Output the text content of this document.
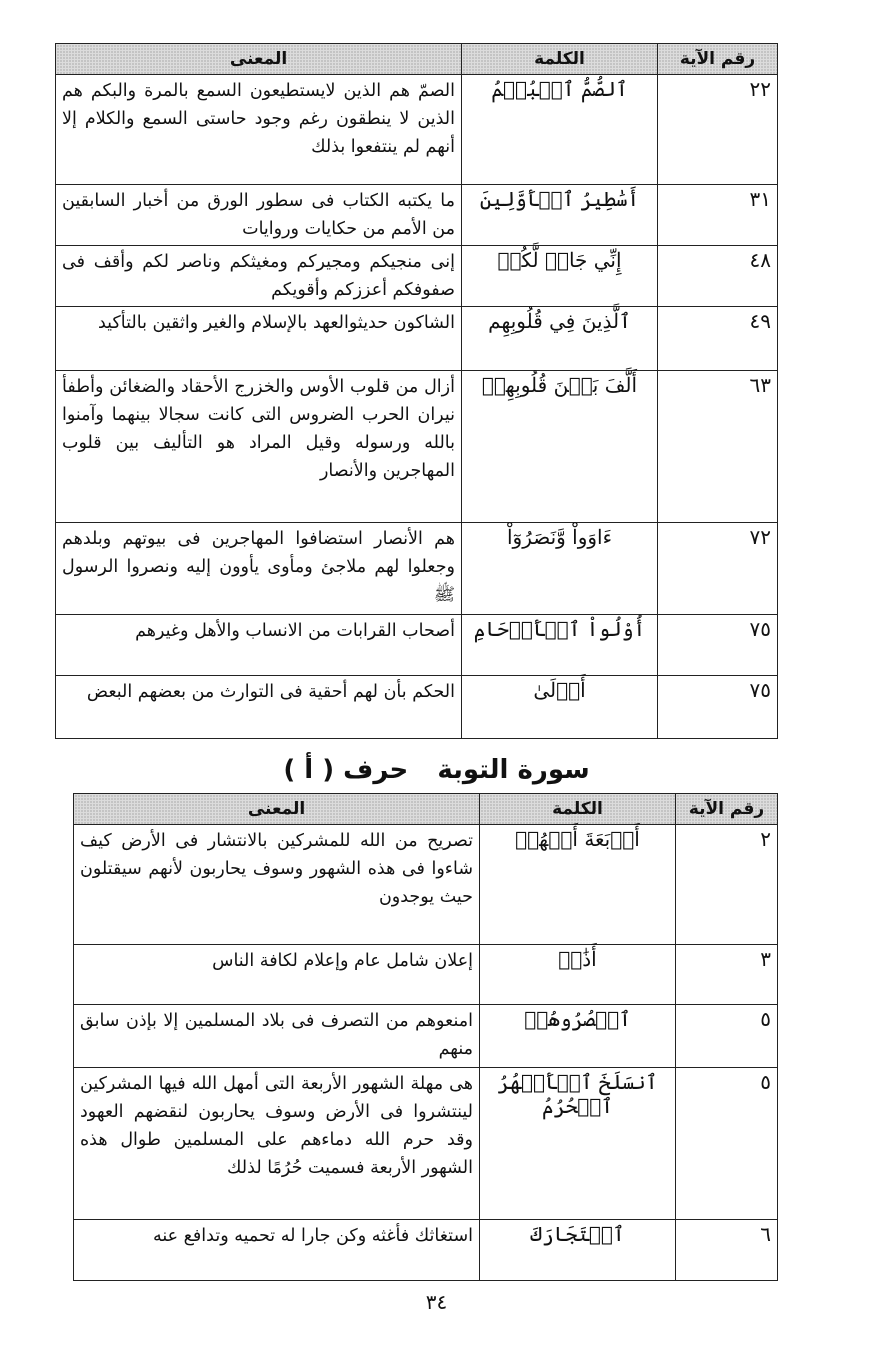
رقم الآية	الكلمة	المعنى
٢٢	ٱلصُّمُّ ٱلۡبُكۡمُ	الصمّ هم الذين لايستطيعون السمع بالمرة والبكم هم الذين لا ينطقون رغم وجود حاستى السمع والكلام إلا أنهم لم ينتفعوا بذلك
٣١	أَسَٰطِيرُ ٱلۡأَوَّلِينَ	ما يكتبه الكتاب فى سطور الورق من أخبار السابقين من الأمم من حكايات وروايات
٤٨	إِنِّي جَارٞ لَّكُمۡ	إنى منجيكم ومجيركم ومغيثكم وناصر لكم وأقف فى صفوفكم أعززكم وأقويكم
٤٩	ٱلَّذِينَ فِي قُلُوبِهِم	الشاكون حديثوالعهد بالإسلام والغير واثقين بالتأكيد
٦٣	أَلَّفَ بَيۡنَ قُلُوبِهِمۡ	أزال من قلوب الأوس والخزرج الأحقاد والضغائن وأطفأ نيران الحرب الضروس التى كانت سجالا بينهما وآمنوا بالله ورسوله وقيل المراد هو التأليف بين قلوب المهاجرين والأنصار
٧٢	ءَاوَواْ وَّنَصَرُوٓاْ	هم الأنصار استضافوا المهاجرين فى بيوتهم وبلدهم وجعلوا لهم ملاجئ ومأوى يأوون إليه ونصروا الرسول ﷺ
٧٥	أُوْلُواْ ٱلۡأَرۡحَامِ	أصحاب القرابات من الانساب والأهل وغيرهم
٧٥	أَوۡلَىٰ	الحكم بأن لهم أحقية فى التوارث من بعضهم البعض
سورة التوبة حرف ( أ )
رقم الآية	الكلمة	المعنى
٢	أَرۡبَعَةَ أَشۡهُرٖ	تصريح من الله للمشركين بالانتشار فى الأرض كيف شاءوا فى هذه الشهور وسوف يحاربون لأنهم سيقتلون حيث يوجدون
٣	أَذَٰنٞ	إعلان شامل عام وإعلام لكافة الناس
٥	ٱحۡصُرُوهُمۡ	امنعوهم من التصرف فى بلاد المسلمين إلا بإذن سابق منهم
٥	ٱنسَلَخَ ٱلۡأَشۡهُرُ ٱلۡحُرُمُ	هى مهلة الشهور الأربعة التى أمهل الله فيها المشركين لينتشروا فى الأرض وسوف يحاربون لنقضهم العهود وقد حرم الله دماءهم على المسلمين طوال هذه الشهور الأربعة فسميت حُرُمًا لذلك
٦	ٱسۡتَجَارَكَ	استغاثك فأغثه وكن جارا له تحميه وتدافع عنه
٣٤
